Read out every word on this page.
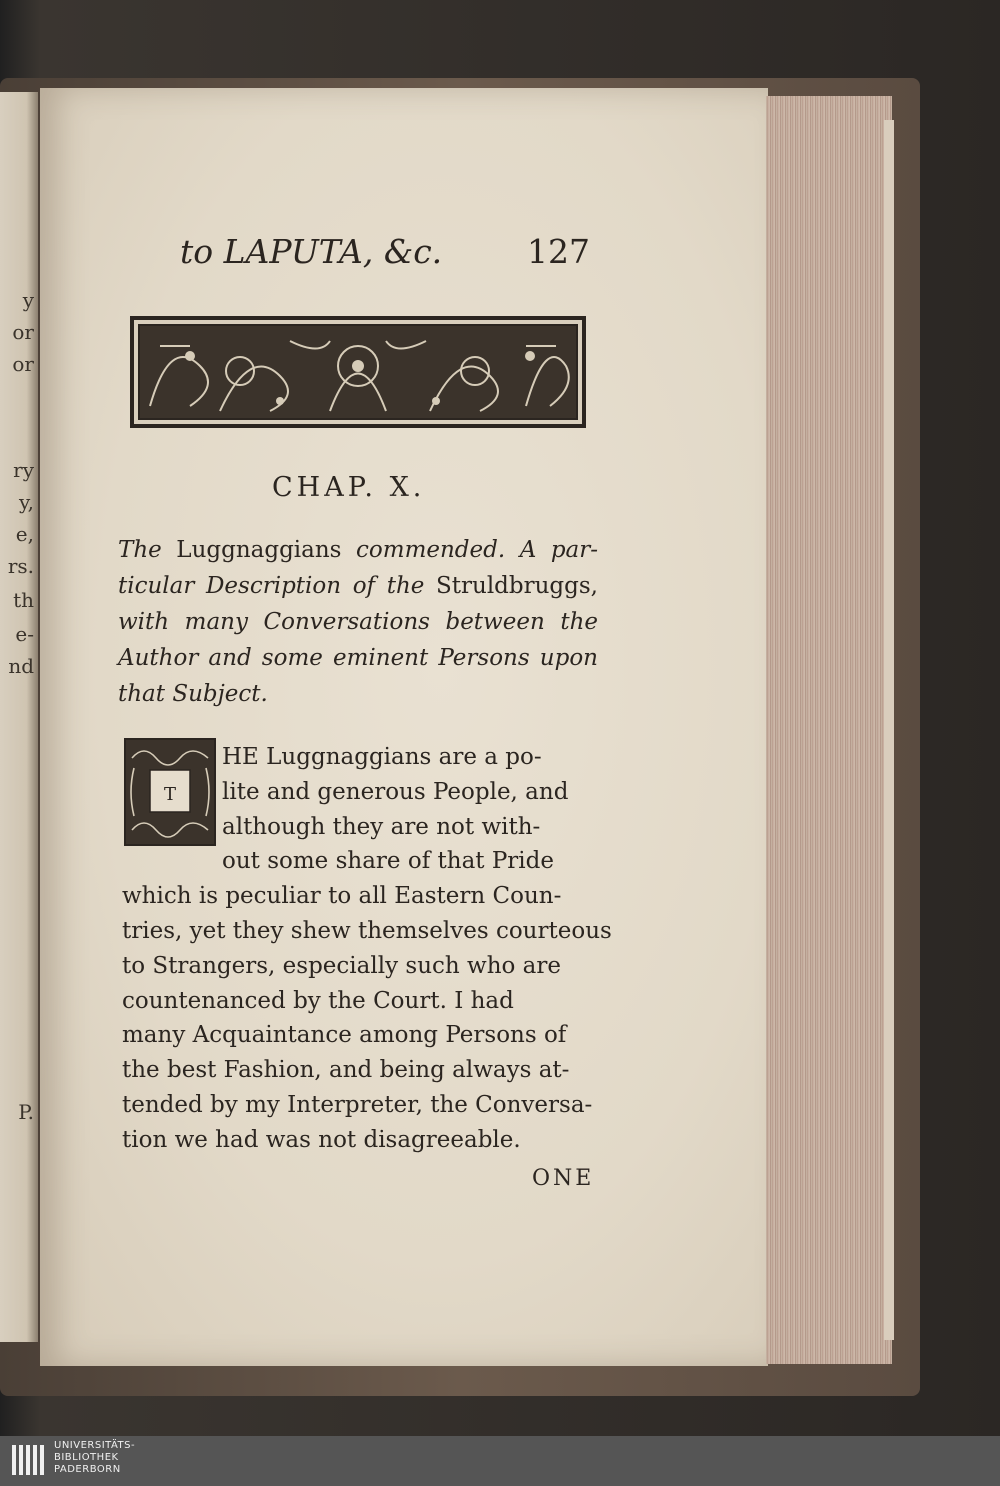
y
or
or
ry
y,
e,
rs.
th
e-
nd
P.
to LAPUTA, &c.	127
CHAP. X.
The Luggnaggians commended. A par- ticular Description of the Struldbruggs, with many Conversations between the Author and some eminent Persons upon that Subject.
T
HE Luggnaggians are a po-
lite and generous People, and
although they are not with-
out some share of that Pride
which is peculiar to all Eastern Coun-
tries, yet they shew themselves courteous
to Strangers, especially such who are
countenanced by the Court. I had
many Acquaintance among Persons of
the best Fashion, and being always at-
tended by my Interpreter, the Conversa-
tion we had was not disagreeable.
ONE
UNIVERSITÄTS-
BIBLIOTHEK
PADERBORN
